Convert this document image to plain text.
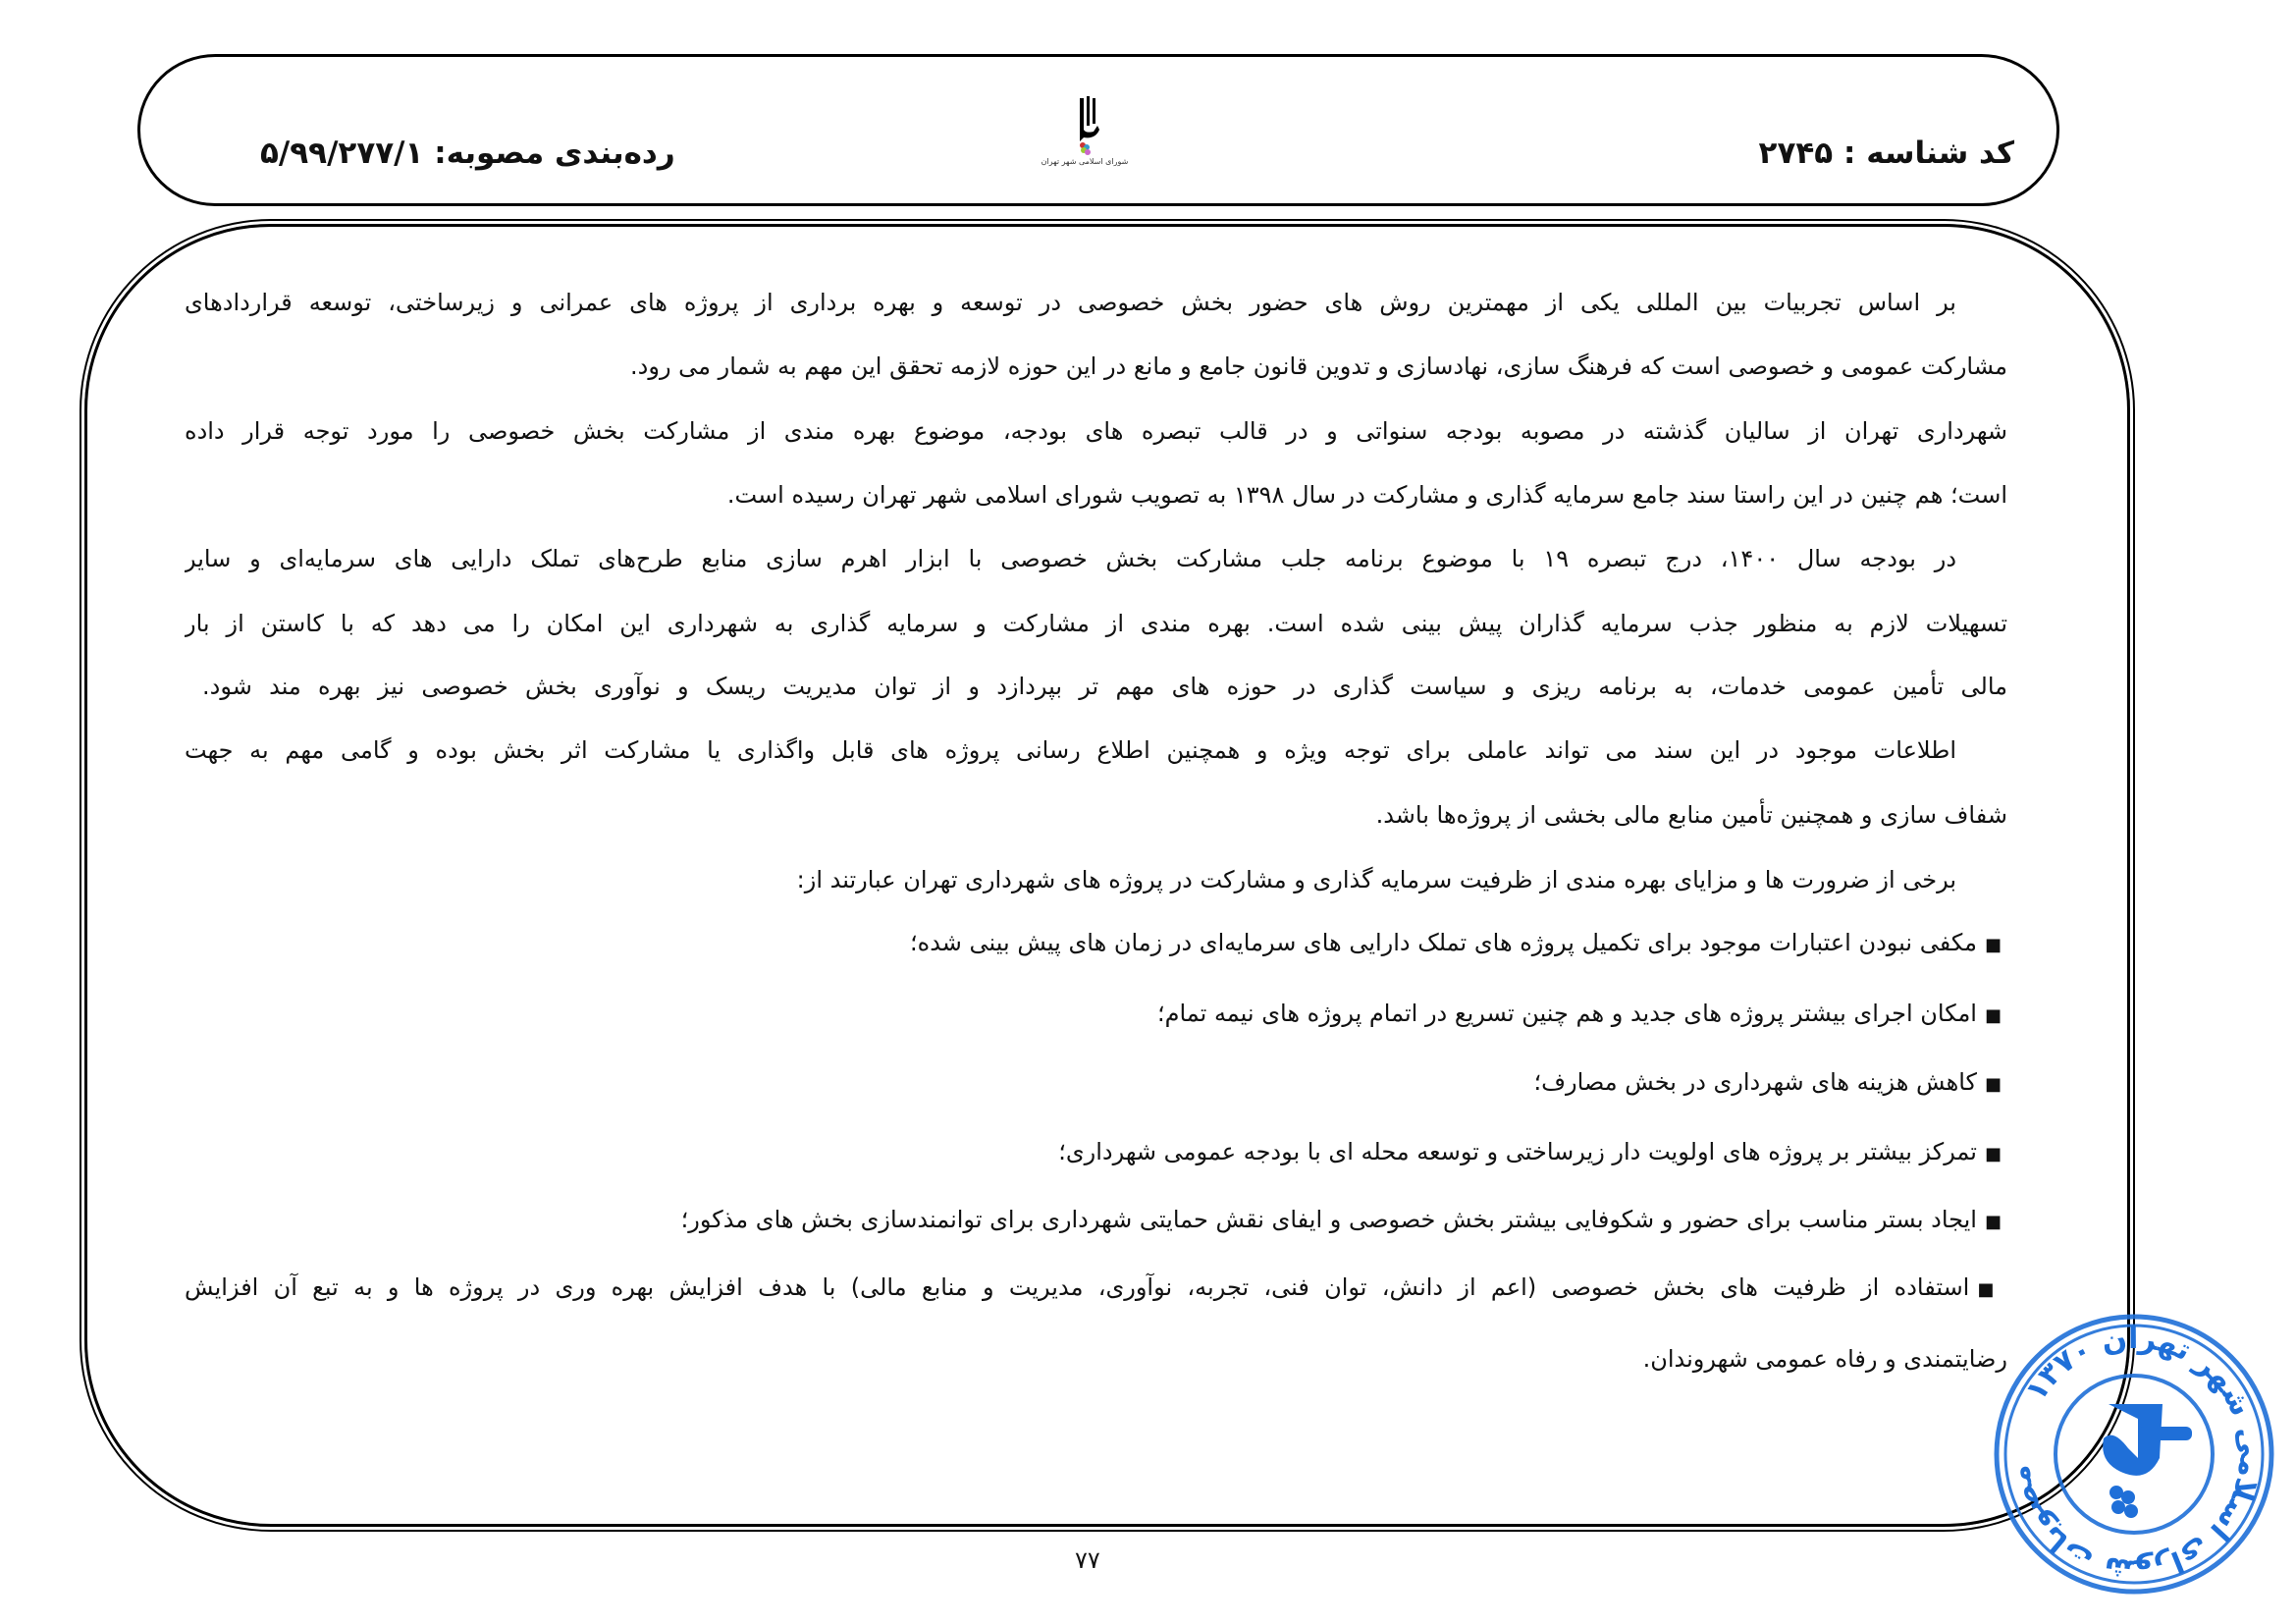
کد شناسه : ۲۷۴۵
رده‌بندی مصوبه: ۵/۹۹/۲۷۷/۱	شورای اسلامی شهر تهران
بر اساس تجربیات بین المللی یکی از مهمترین روش های حضور بخش خصوصی در توسعه و بهره برداری از پروژه های عمرانی و زیرساختی، توسعه قراردادهای
مشارکت عمومی و خصوصی است که فرهنگ سازی، نهادسازی و تدوین قانون جامع و مانع در این حوزه لازمه تحقق این مهم به شمار می رود.
شهرداری تهران از سالیان گذشته در مصوبه بودجه سنواتی و در قالب تبصره های بودجه، موضوع بهره مندی از مشارکت بخش خصوصی را مورد توجه قرار داده
است؛ هم چنین در این راستا سند جامع سرمایه گذاری و مشارکت در سال ۱۳۹۸ به تصویب شورای اسلامی شهر تهران رسیده است.
در بودجه سال ۱۴۰۰، درج تبصره ۱۹ با موضوع برنامه جلب مشارکت بخش خصوصی با ابزار اهرم سازی منابع طرح‌های تملک دارایی های سرمایه‌ای و سایر
تسهیلات لازم به منظور جذب سرمایه گذاران پیش بینی شده است. بهره مندی از مشارکت و سرمایه گذاری به شهرداری این امکان را می دهد که با کاستن از بار
مالی تأمین عمومی خدمات، به برنامه ریزی و سیاست گذاری در حوزه های مهم تر بپردازد و از توان مدیریت ریسک و نوآوری بخش خصوصی نیز بهره مند شود.
اطلاعات موجود در این سند می تواند عاملی برای توجه ویژه و همچنین اطلاع رسانی پروژه های قابل واگذاری یا مشارکت اثر بخش بوده و گامی مهم به جهت
شفاف سازی و همچنین تأمین منابع مالی بخشی از پروژه‌ها باشد.
برخی از ضرورت ها و مزایای بهره مندی از ظرفیت سرمایه گذاری و مشارکت در پروژه های شهرداری تهران عبارتند از:
■مکفی نبودن اعتبارات موجود برای تکمیل پروژه های تملک دارایی های سرمایه‌ای در زمان های پیش بینی شده؛
■امکان اجرای بیشتر پروژه های جدید و هم چنین تسریع در اتمام پروژه های نیمه تمام؛
■کاهش هزینه های شهرداری در بخش مصارف؛
■تمرکز بیشتر بر پروژه های اولویت دار زیرساختی و توسعه محله ای با بودجه عمومی شهرداری؛
■ایجاد بستر مناسب برای حضور و شکوفایی بیشتر بخش خصوصی و ایفای نقش حمایتی شهرداری برای توانمندسازی بخش های مذکور؛
■استفاده از ظرفیت های بخش خصوصی (اعم از دانش، توان فنی، تجربه، نوآوری، مدیریت و منابع مالی) با هدف افزایش بهره وری در پروژه ها و به تبع آن افزایش
رضایتمندی و رفاه عمومی شهروندان.
۷۷
مصوبات شورای اسلامی شهر تهران ۱۳۷۰
